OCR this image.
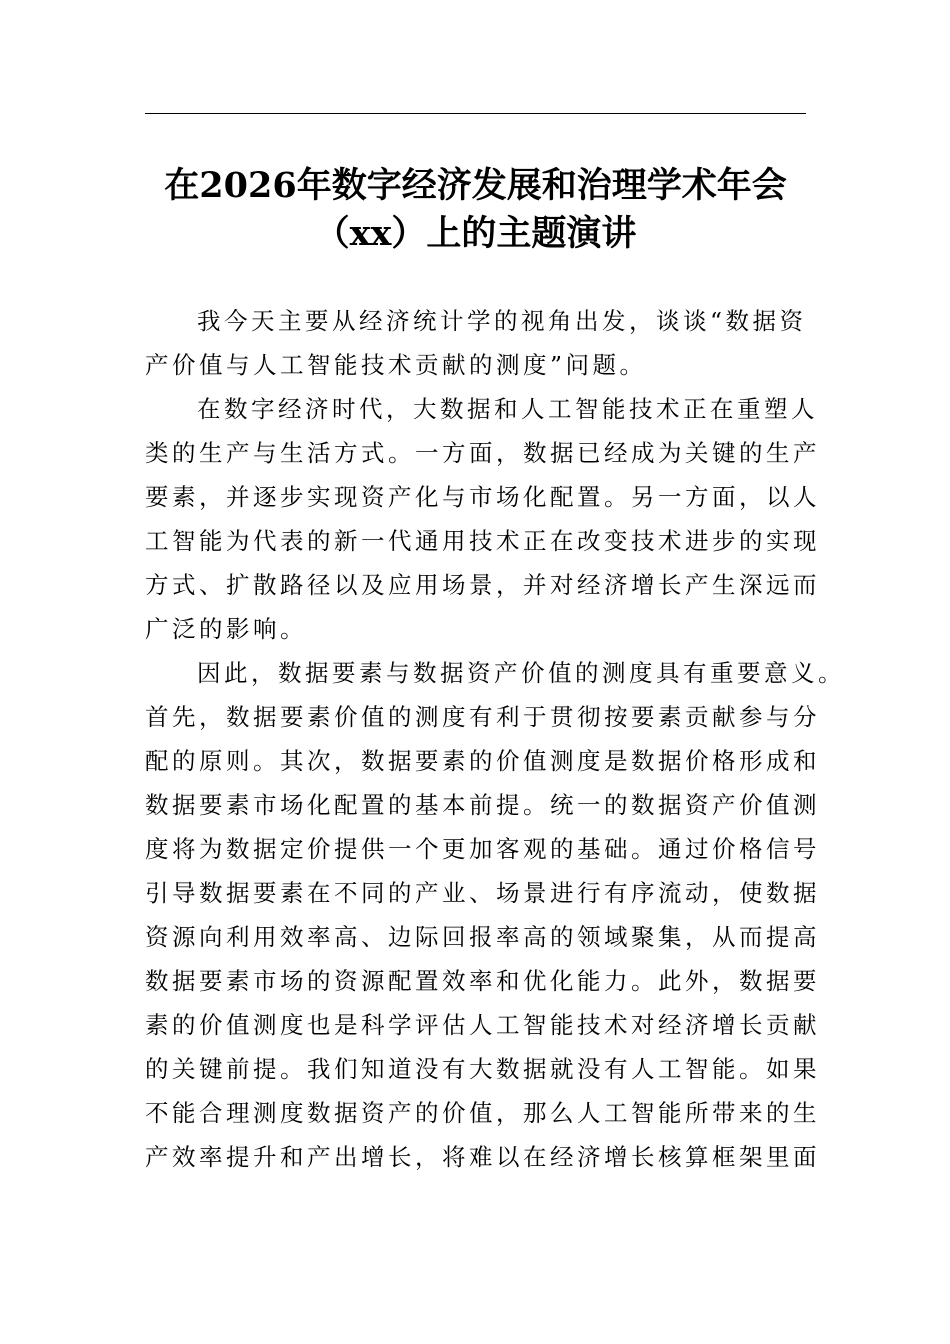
在2026年数字经济发展和治理学术年会
（xx）上的主题演讲

我今天主要从经济统计学的视角出发，谈谈“数据资
产价值与人工智能技术贡献的测度”问题。

在数字经济时代，大数据和人工智能技术正在重塑人
类的生产与生活方式。一方面，数据已经成为关键的生产
要素，并逐步实现资产化与市场化配置。另一方面，以人
工智能为代表的新一代通用技术正在改变技术进步的实现
方式、扩散路径以及应用场景，并对经济增长产生深远而
广泛的影响。

因此，数据要素与数据资产价值的测度具有重要意义。
首先，数据要素价值的测度有利于贯彻按要素贡献参与分
配的原则。其次，数据要素的价值测度是数据价格形成和
数据要素市场化配置的基本前提。统一的数据资产价值测
度将为数据定价提供一个更加客观的基础。通过价格信号
引导数据要素在不同的产业、场景进行有序流动，使数据
资源向利用效率高、边际回报率高的领域聚集，从而提高
数据要素市场的资源配置效率和优化能力。此外，数据要
素的价值测度也是科学评估人工智能技术对经济增长贡献
的关键前提。我们知道没有大数据就没有人工智能。如果
不能合理测度数据资产的价值，那么人工智能所带来的生
产效率提升和产出增长，将难以在经济增长核算框架里面
